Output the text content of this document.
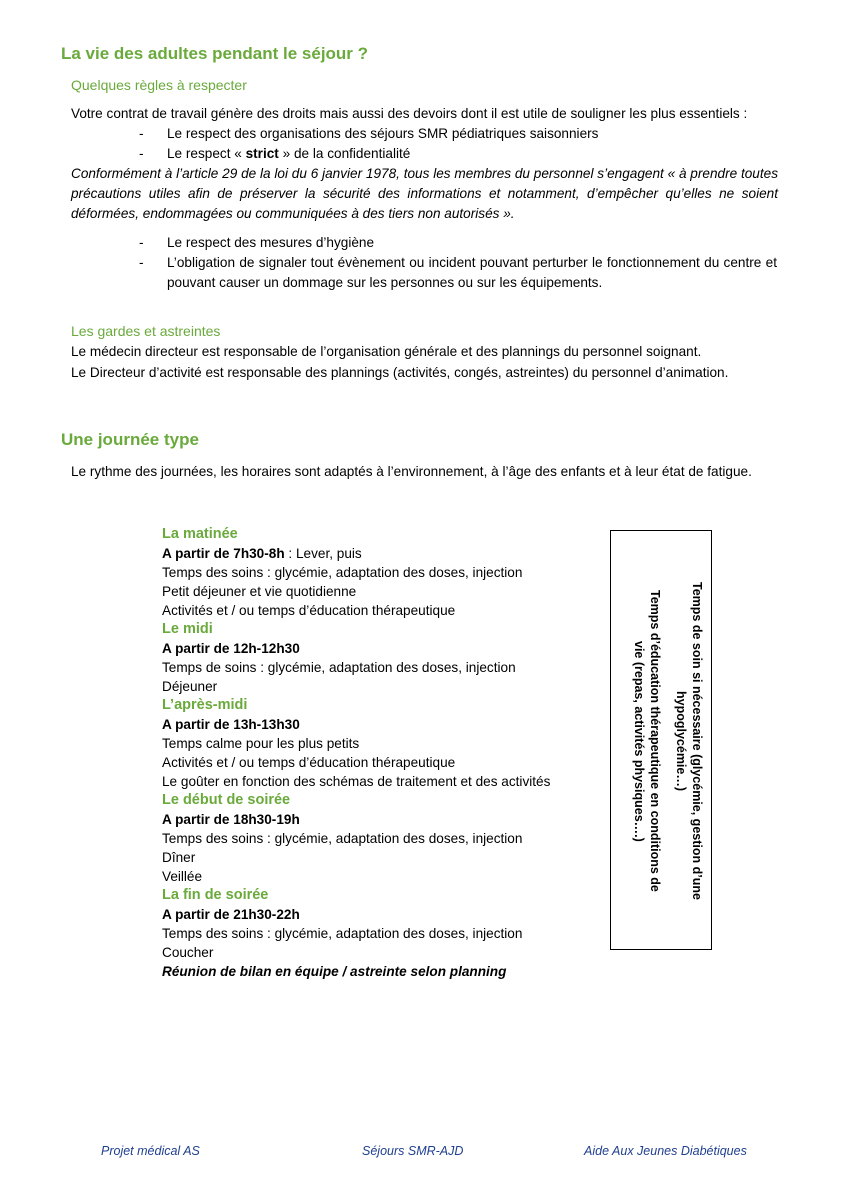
La vie des adultes pendant le séjour ?
Quelques règles à respecter
Votre contrat de travail génère des droits mais aussi des devoirs dont il est utile de souligner les plus essentiels :
- Le respect des organisations des séjours SMR pédiatriques saisonniers
- Le respect « strict » de la confidentialité
Conformément à l’article 29 de la loi du 6 janvier 1978, tous les membres du personnel s’engagent « à prendre toutes précautions utiles afin de préserver la sécurité des informations et notamment, d’empêcher qu’elles ne soient déformées, endommagées ou communiquées à des tiers non autorisés ».
- Le respect des mesures d’hygiène
- L’obligation de signaler tout évènement ou incident pouvant perturber le fonctionnement du centre et pouvant causer un dommage sur les personnes ou sur les équipements.
Les gardes et astreintes
Le médecin directeur est responsable de l’organisation générale et des plannings du personnel soignant.
Le Directeur d’activité est responsable des plannings (activités, congés, astreintes) du personnel d’animation.
Une journée type
Le rythme des journées, les horaires sont adaptés à l’environnement, à l’âge des enfants et à leur état de fatigue.
La matinée
A partir de 7h30-8h : Lever, puis
Temps des soins : glycémie, adaptation des doses, injection
Petit déjeuner et vie quotidienne
Activités et / ou temps d’éducation thérapeutique
Le midi
A partir de 12h-12h30
Temps de soins : glycémie, adaptation des doses, injection
Déjeuner
L’après-midi
A partir de 13h-13h30
Temps calme pour les plus petits
Activités et / ou temps d’éducation thérapeutique
Le goûter en fonction des schémas de traitement et des activités
Le début de soirée
A partir de 18h30-19h
Temps des soins : glycémie, adaptation des doses, injection
Dîner
Veillée
La fin de soirée
A partir de 21h30-22h
Temps des soins : glycémie, adaptation des doses, injection
Coucher
Réunion de bilan en équipe / astreinte selon planning
Temps de soin si nécessaire (glycémie, gestion d’une hypoglycémie…)
Temps d’éducation thérapeutique en conditions de vie (repas, activités physiques….)
Projet médical AS	Séjours SMR-AJD	Aide Aux Jeunes Diabétiques
